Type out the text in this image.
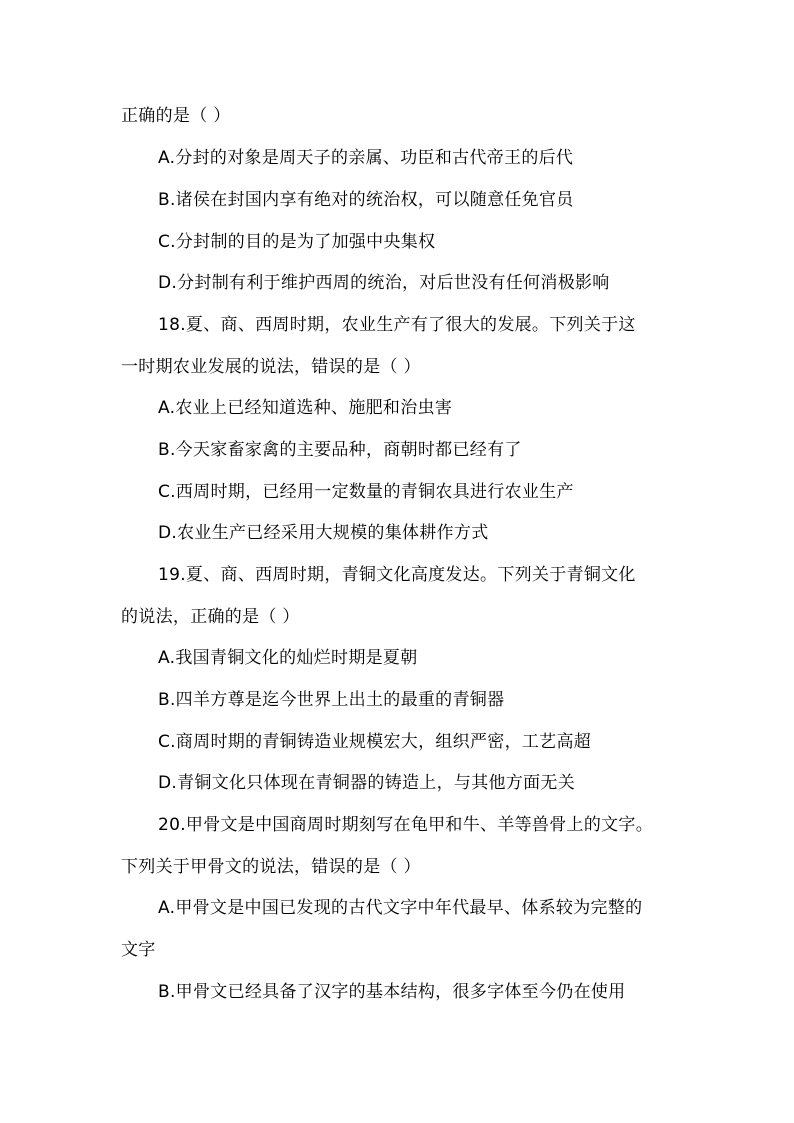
正确的是（ ）

A.分封的对象是周天子的亲属、功臣和古代帝王的后代

B.诸侯在封国内享有绝对的统治权，可以随意任免官员

C.分封制的目的是为了加强中央集权

D.分封制有利于维护西周的统治，对后世没有任何消极影响

18.夏、商、西周时期，农业生产有了很大的发展。下列关于这

一时期农业发展的说法，错误的是（ ）

A.农业上已经知道选种、施肥和治虫害

B.今天家畜家禽的主要品种，商朝时都已经有了

C.西周时期，已经用一定数量的青铜农具进行农业生产

D.农业生产已经采用大规模的集体耕作方式

19.夏、商、西周时期，青铜文化高度发达。下列关于青铜文化

的说法，正确的是（ ）

A.我国青铜文化的灿烂时期是夏朝

B.四羊方尊是迄今世界上出土的最重的青铜器

C.商周时期的青铜铸造业规模宏大，组织严密，工艺高超

D.青铜文化只体现在青铜器的铸造上，与其他方面无关

20.甲骨文是中国商周时期刻写在龟甲和牛、羊等兽骨上的文字。

下列关于甲骨文的说法，错误的是（ ）

A.甲骨文是中国已发现的古代文字中年代最早、体系较为完整的

文字

B.甲骨文已经具备了汉字的基本结构，很多字体至今仍在使用
